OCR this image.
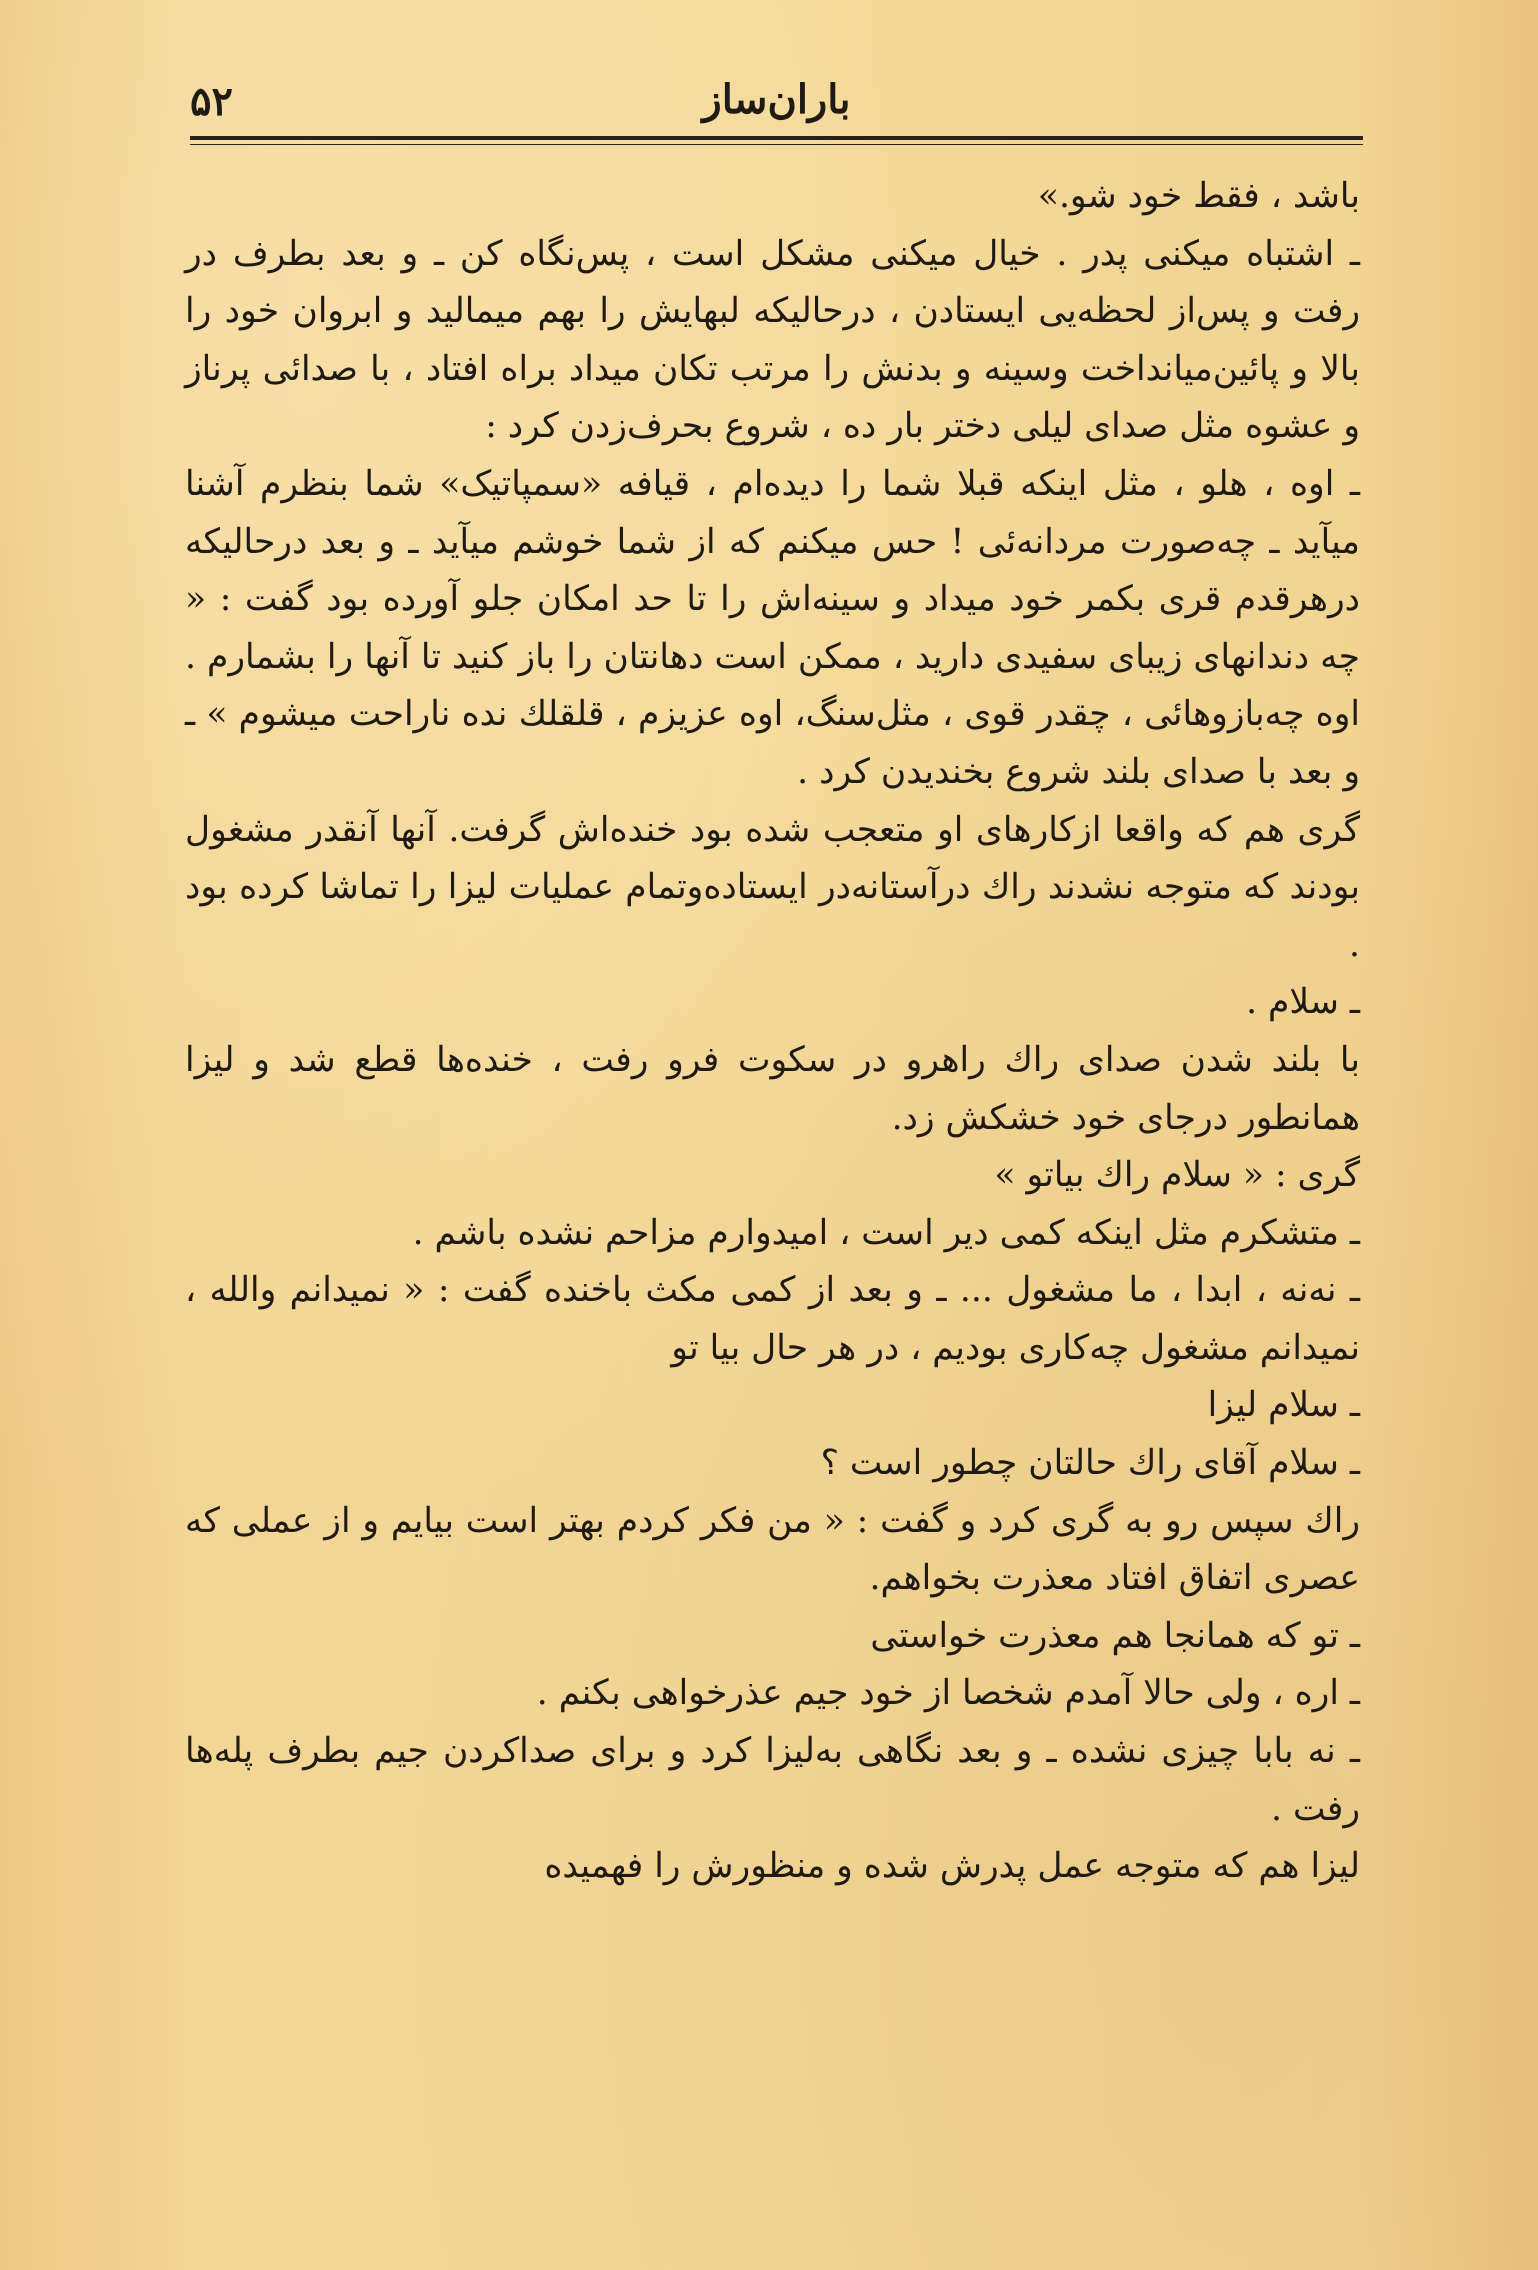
۵۲	باران‌ساز

باشد ، فقط خود شو.»

ـ اشتباه میکنی پدر . خیال میکنی مشکل است ، پس‌نگاه کن ـ و بعد بطرف در رفت و پس‌از لحظه‌یی ایستادن ، درحالیکه لبهایش را بهم میمالید و ابروان خود را بالا و پائین‌میانداخت وسینه و بدنش را مرتب تکان میداد براه افتاد ، با صدائی پرناز و عشوه مثل صدای لیلی دختر بار ده ، شروع بحرف‌زدن کرد :

ـ اوه ، هلو ، مثل اینکه قبلا شما را دیده‌ام ، قیافه «سمپاتیک» شما بنظرم آشنا میآید ـ چه‌صورت مردانه‌ئی ! حس میکنم که از شما خوشم میآید ـ و بعد درحالیکه درهرقدم قری بکمر خود میداد و سینه‌اش را تا حد امکان جلو آورده بود گفت : « چه دندانهای زیبای سفیدی دارید ، ممکن است دهانتان را باز کنید تا آنها را بشمارم . اوه چه‌بازوهائی ، چقدر قوی ، مثل‌سنگ، اوه عزیزم ، قلقلك نده ناراحت میشوم » ـ و بعد با صدای بلند شروع بخندیدن کرد .

گری هم که واقعا ازکارهای او متعجب شده بود خنده‌اش گرفت. آنها آنقدر مشغول بودند که متوجه نشدند راك درآستانه‌در ایستاده‌وتمام عملیات لیزا را تماشا کرده بود .

ـ سلام .

با بلند شدن صدای راك راهرو در سکوت فرو رفت ، خنده‌ها قطع شد و لیزا همانطور درجای خود خشکش زد.

گری : « سلام راك بیاتو »

ـ متشکرم مثل اینکه کمی دیر است ، امیدوارم مزاحم نشده باشم .

ـ نه‌نه ، ابدا ، ما مشغول ... ـ و بعد از کمی مکث باخنده گفت : « نمیدانم والله ، نمیدانم مشغول چه‌کاری بودیم ، در هر حال بیا تو

ـ سلام لیزا

ـ سلام آقای راك حالتان چطور است ؟

راك سپس رو به گری کرد و گفت : « من فکر کردم بهتر است بیایم و از عملی که عصری اتفاق افتاد معذرت بخواهم.

ـ تو که همانجا هم معذرت خواستی

ـ اره ، ولی حالا آمدم شخصا از خود جیم عذرخواهی بکنم .

ـ نه بابا چیزی نشده ـ و بعد نگاهی به‌لیزا کرد و برای صداکردن جیم بطرف پله‌ها رفت .

لیزا هم که متوجه عمل پدرش شده و منظورش را فهمیده
